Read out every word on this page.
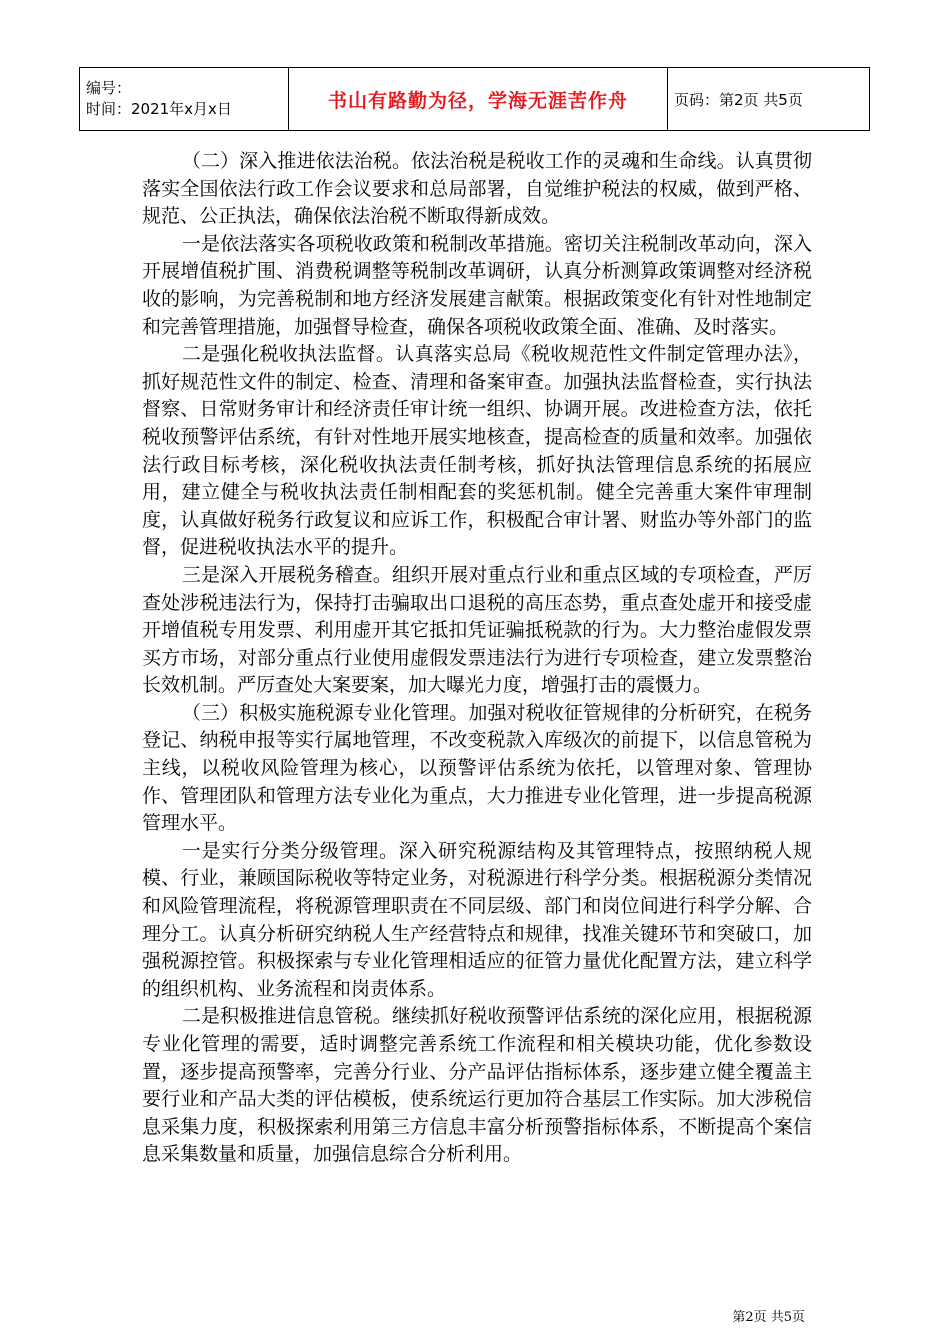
编号：
时间：2021年x月x日	书山有路勤为径，学海无涯苦作舟	页码：第2页 共5页

（二）深入推进依法治税。依法治税是税收工作的灵魂和生命线。认真贯彻落实全国依法行政工作会议要求和总局部署，自觉维护税法的权威，做到严格、规范、公正执法，确保依法治税不断取得新成效。

一是依法落实各项税收政策和税制改革措施。密切关注税制改革动向，深入开展增值税扩围、消费税调整等税制改革调研，认真分析测算政策调整对经济税收的影响，为完善税制和地方经济发展建言献策。根据政策变化有针对性地制定和完善管理措施，加强督导检查，确保各项税收政策全面、准确、及时落实。

二是强化税收执法监督。认真落实总局《税收规范性文件制定管理办法》，抓好规范性文件的制定、检查、清理和备案审查。加强执法监督检查，实行执法督察、日常财务审计和经济责任审计统一组织、协调开展。改进检查方法，依托税收预警评估系统，有针对性地开展实地核查，提高检查的质量和效率。加强依法行政目标考核，深化税收执法责任制考核，抓好执法管理信息系统的拓展应用，建立健全与税收执法责任制相配套的奖惩机制。健全完善重大案件审理制度，认真做好税务行政复议和应诉工作，积极配合审计署、财监办等外部门的监督，促进税收执法水平的提升。

三是深入开展税务稽查。组织开展对重点行业和重点区域的专项检查，严厉查处涉税违法行为，保持打击骗取出口退税的高压态势，重点查处虚开和接受虚开增值税专用发票、利用虚开其它抵扣凭证骗抵税款的行为。大力整治虚假发票买方市场，对部分重点行业使用虚假发票违法行为进行专项检查，建立发票整治长效机制。严厉查处大案要案，加大曝光力度，增强打击的震慑力。

（三）积极实施税源专业化管理。加强对税收征管规律的分析研究，在税务登记、纳税申报等实行属地管理，不改变税款入库级次的前提下，以信息管税为主线，以税收风险管理为核心，以预警评估系统为依托，以管理对象、管理协作、管理团队和管理方法专业化为重点，大力推进专业化管理，进一步提高税源管理水平。

一是实行分类分级管理。深入研究税源结构及其管理特点，按照纳税人规模、行业，兼顾国际税收等特定业务，对税源进行科学分类。根据税源分类情况和风险管理流程，将税源管理职责在不同层级、部门和岗位间进行科学分解、合理分工。认真分析研究纳税人生产经营特点和规律，找准关键环节和突破口，加强税源控管。积极探索与专业化管理相适应的征管力量优化配置方法，建立科学的组织机构、业务流程和岗责体系。

二是积极推进信息管税。继续抓好税收预警评估系统的深化应用，根据税源专业化管理的需要，适时调整完善系统工作流程和相关模块功能，优化参数设置，逐步提高预警率，完善分行业、分产品评估指标体系，逐步建立健全覆盖主要行业和产品大类的评估模板，使系统运行更加符合基层工作实际。加大涉税信息采集力度，积极探索利用第三方信息丰富分析预警指标体系，不断提高个案信息采集数量和质量，加强信息综合分析利用。

第2页 共5页
